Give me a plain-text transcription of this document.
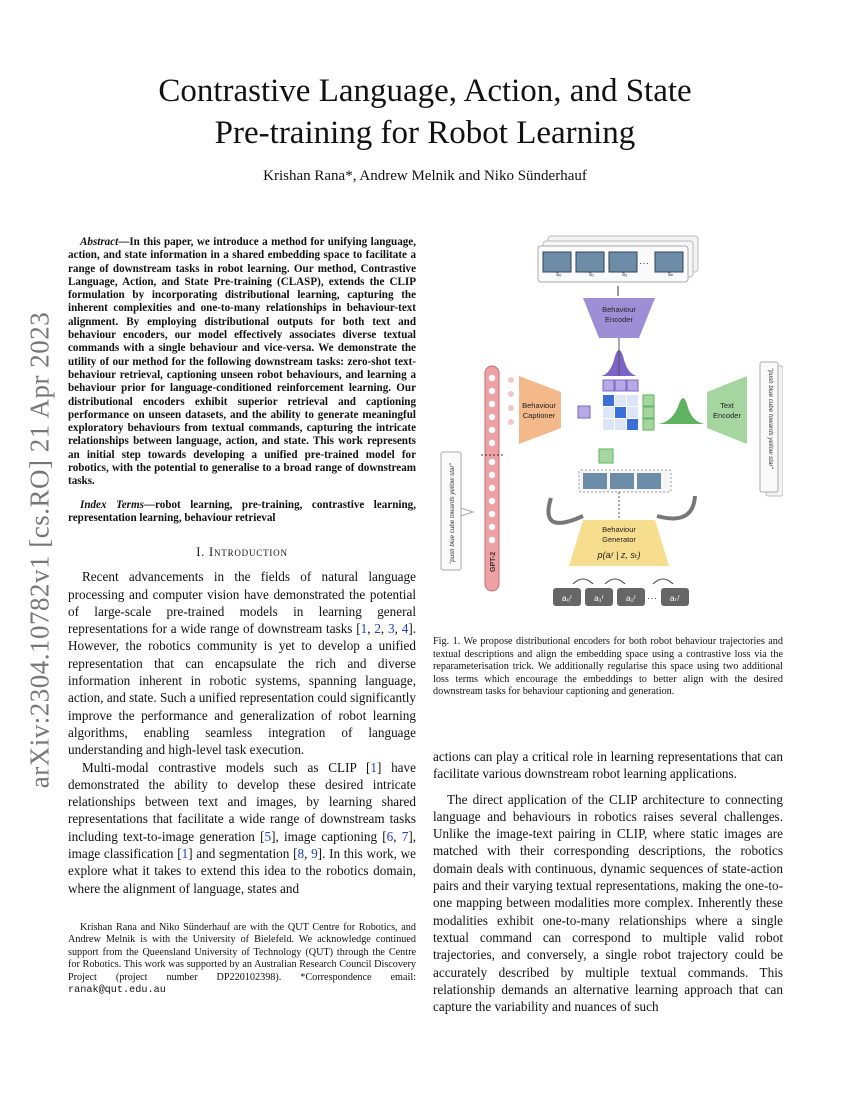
Contrastive Language, Action, and State
Pre-training for Robot Learning
Krishan Rana*, Andrew Melnik and Niko Sünderhauf
arXiv:2304.10782v1 [cs.RO] 21 Apr 2023

Abstract—In this paper, we introduce a method for unifying language, action, and state information in a shared embedding space to facilitate a range of downstream tasks in robot learning. Our method, Contrastive Language, Action, and State Pre-training (CLASP), extends the CLIP formulation by incorporating distributional learning, capturing the inherent complexities and one-to-many relationships in behaviour-text alignment. By employing distributional outputs for both text and behaviour encoders, our model effectively associates diverse textual commands with a single behaviour and vice-versa. We demonstrate the utility of our method for the following downstream tasks: zero-shot text-behaviour retrieval, captioning unseen robot behaviours, and learning a behaviour prior for language-conditioned reinforcement learning. Our distributional encoders exhibit superior retrieval and captioning performance on unseen datasets, and the ability to generate meaningful exploratory behaviours from textual commands, capturing the intricate relationships between language, action, and state. This work represents an initial step towards developing a unified pre-trained model for robotics, with the potential to generalise to a broad range of downstream tasks.

Index Terms—robot learning, pre-training, contrastive learning, representation learning, behaviour retrieval

I. Introduction

Recent advancements in the fields of natural language processing and computer vision have demonstrated the potential of large-scale pre-trained models in learning general representations for a wide range of downstream tasks [1, 2, 3, 4]. However, the robotics community is yet to develop a unified representation that can encapsulate the rich and diverse information inherent in robotic systems, spanning language, action, and state. Such a unified representation could significantly improve the performance and generalization of robot learning algorithms, enabling seamless integration of language understanding and high-level task execution.

Multi-modal contrastive models such as CLIP [1] have demonstrated the ability to develop these desired intricate relationships between text and images, by learning shared representations that facilitate a wide range of downstream tasks including text-to-image generation [5], image captioning [6, 7], image classification [1] and segmentation [8, 9]. In this work, we explore what it takes to extend this idea to the robotics domain, where the alignment of language, states and

Krishan Rana and Niko Sünderhauf are with the QUT Centre for Robotics, and Andrew Melnik is with the University of Bielefeld. We acknowledge continued support from the Queensland University of Technology (QUT) through the Centre for Robotics. This work was supported by an Australian Research Council Discovery Project (project number DP220102398). *Correspondence email: ranak@qut.edu.au
s₀	s₁	s₂	sₙ
···
Behaviour
Encoder
Text
Encoder	"push blue cube towards yellow star"
Behaviour
Captioner
GPT-2
"push blue cube towards yellow star"	Behaviour
Generator
p(aᵢʳ | z, sₜ)
a₀ʳ	a₁ʳ	a₂ʳ	aₙʳ
···
Fig. 1. We propose distributional encoders for both robot behaviour trajectories and textual descriptions and align the embedding space using a contrastive loss via the reparameterisation trick. We additionally regularise this space using two additional loss terms which encourage the embeddings to better align with the desired downstream tasks for behaviour captioning and generation.

actions can play a critical role in learning representations that can facilitate various downstream robot learning applications.

The direct application of the CLIP architecture to connecting language and behaviours in robotics raises several challenges. Unlike the image-text pairing in CLIP, where static images are matched with their corresponding descriptions, the robotics domain deals with continuous, dynamic sequences of state-action pairs and their varying textual representations, making the one-to-one mapping between modalities more complex. Inherently these modalities exhibit one-to-many relationships where a single textual command can correspond to multiple valid robot trajectories, and conversely, a single robot trajectory could be accurately described by multiple textual commands. This relationship demands an alternative learning approach that can capture the variability and nuances of such
